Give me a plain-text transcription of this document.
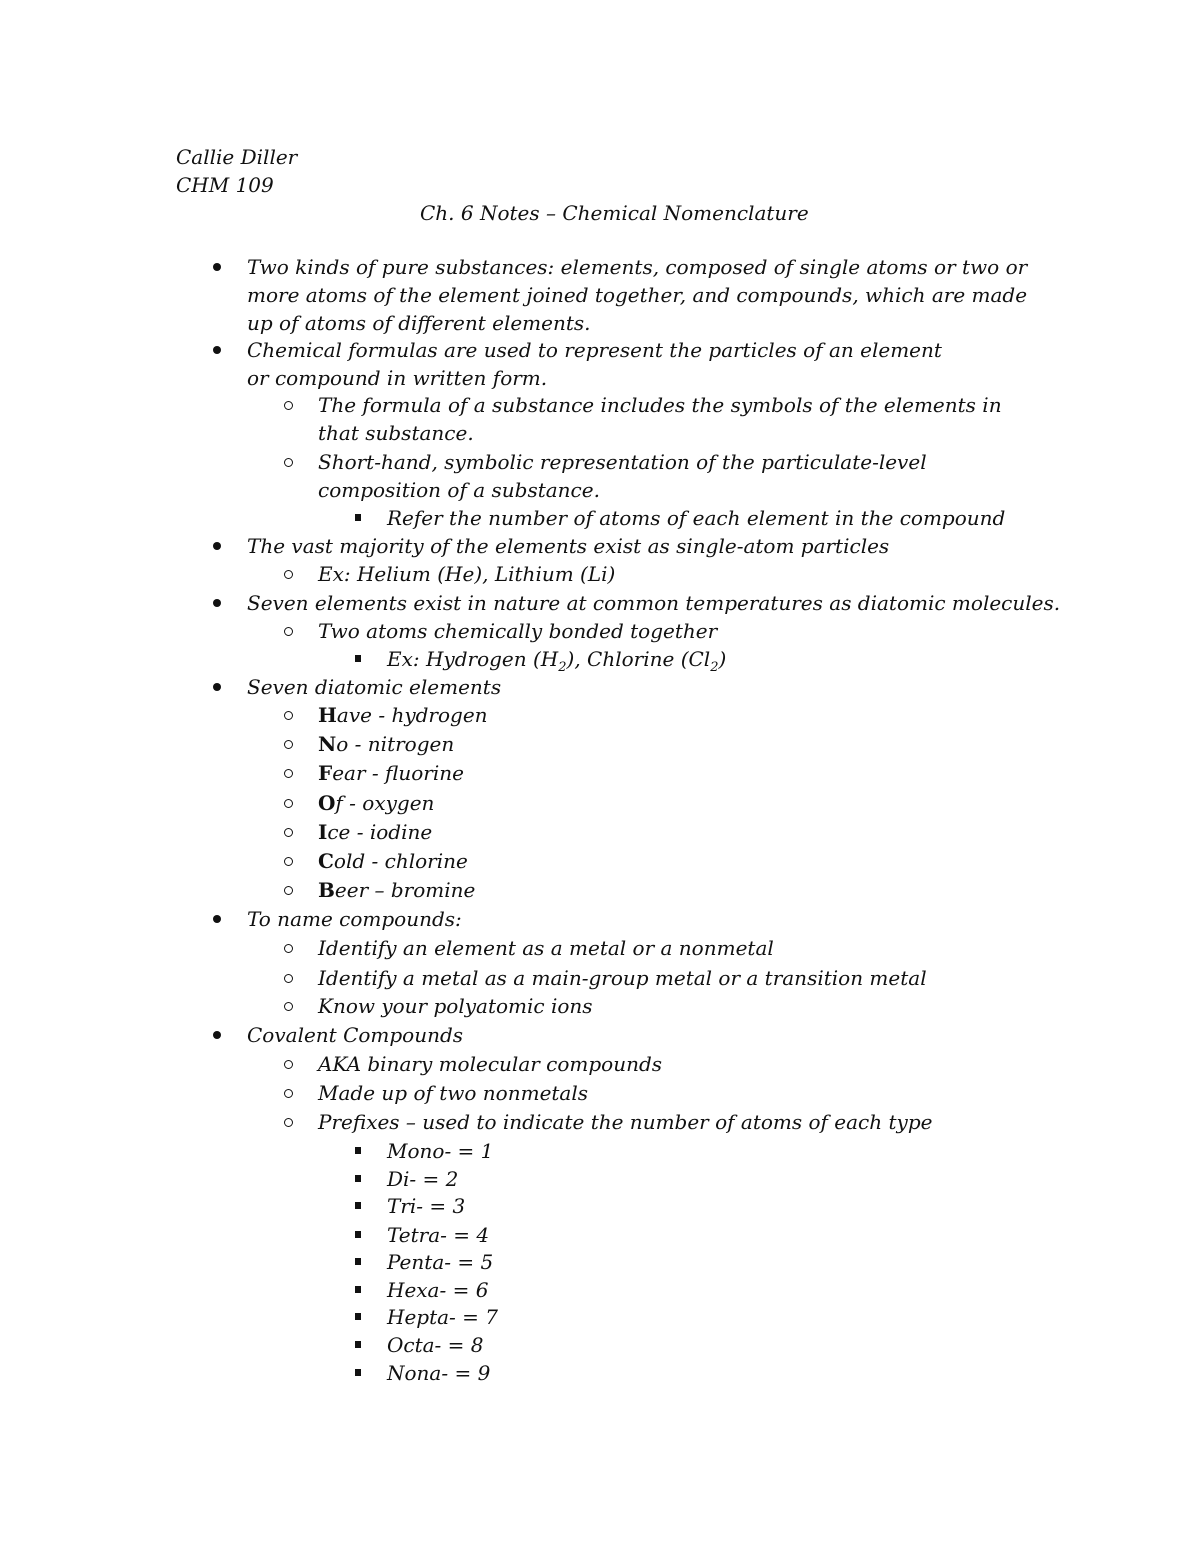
Callie Diller
CHM 109
Ch. 6 Notes – Chemical Nomenclature
Two kinds of pure substances: elements, composed of single atoms or two or more atoms of the element joined together, and compounds, which are made up of atoms of different elements.
Chemical formulas are used to represent the particles of an element or compound in written form.
The formula of a substance includes the symbols of the elements in that substance.
Short-hand, symbolic representation of the particulate-level composition of a substance.
Refer the number of atoms of each element in the compound
The vast majority of the elements exist as single-atom particles
Ex: Helium (He), Lithium (Li)
Seven elements exist in nature at common temperatures as diatomic molecules.
Two atoms chemically bonded together
Ex: Hydrogen $(H_2)$, Chlorine $(Cl_2)$
Seven diatomic elements
Have - hydrogen
No - nitrogen
Fear - fluorine
Of - oxygen
Ice - iodine
Cold - chlorine
Beer – bromine
To name compounds:
Identify an element as a metal or a nonmetal
Identify a metal as a main-group metal or a transition metal
Know your polyatomic ions
Covalent Compounds
AKA binary molecular compounds
Made up of two nonmetals
Prefixes – used to indicate the number of atoms of each type
Mono- = 1
Di- = 2
Tri- = 3
Tetra- = 4
Penta- = 5
Hexa- = 6
Hepta- = 7
Octa- = 8
Nona- = 9
